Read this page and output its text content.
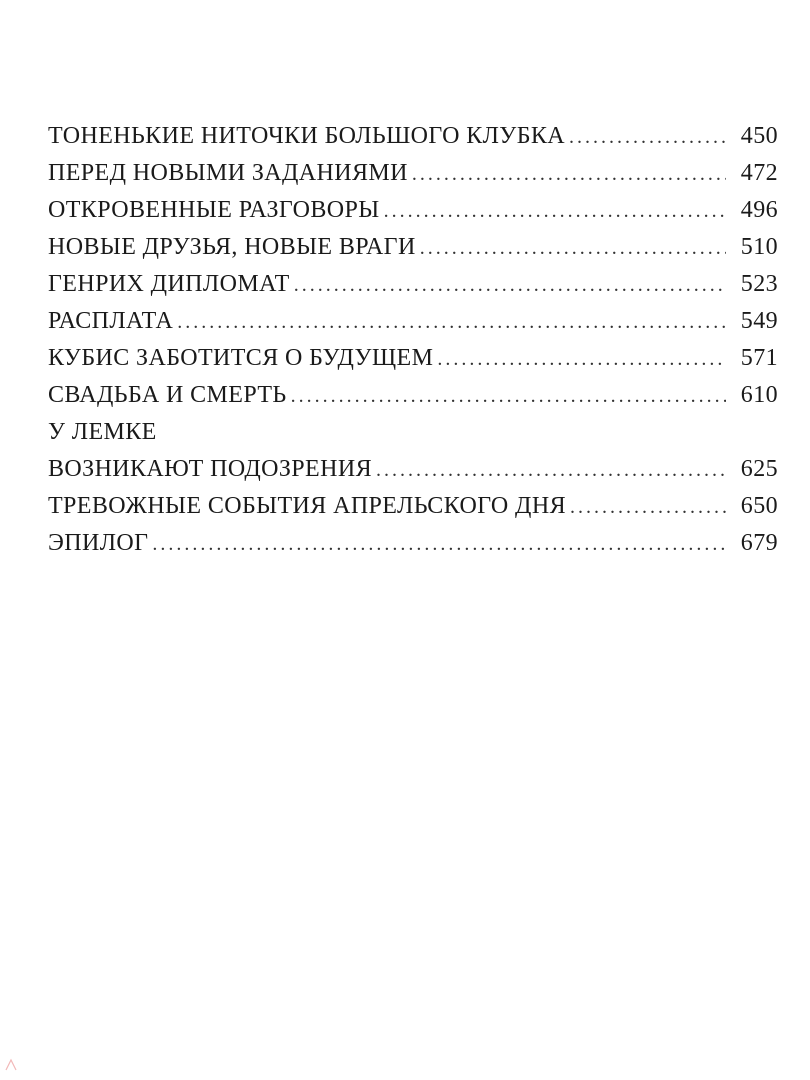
ТОНЕНЬКИЕ НИТОЧКИ БОЛЬШОГО КЛУБКА .....	450
ПЕРЕД НОВЫМИ ЗАДАНИЯМИ .....	472
ОТКРОВЕННЫЕ РАЗГОВОРЫ .....	496
НОВЫЕ ДРУЗЬЯ, НОВЫЕ ВРАГИ .....	510
ГЕНРИХ ДИПЛОМАТ .....	523
РАСПЛАТА .....	549
КУБИС ЗАБОТИТСЯ О БУДУЩЕМ .....	571
СВАДЬБА И СМЕРТЬ .....	610
У ЛЕМКЕ
ВОЗНИКАЮТ ПОДОЗРЕНИЯ .....	625
ТРЕВОЖНЫЕ СОБЫТИЯ АПРЕЛЬСКОГО ДНЯ .....	650
ЭПИЛОГ .....	679
